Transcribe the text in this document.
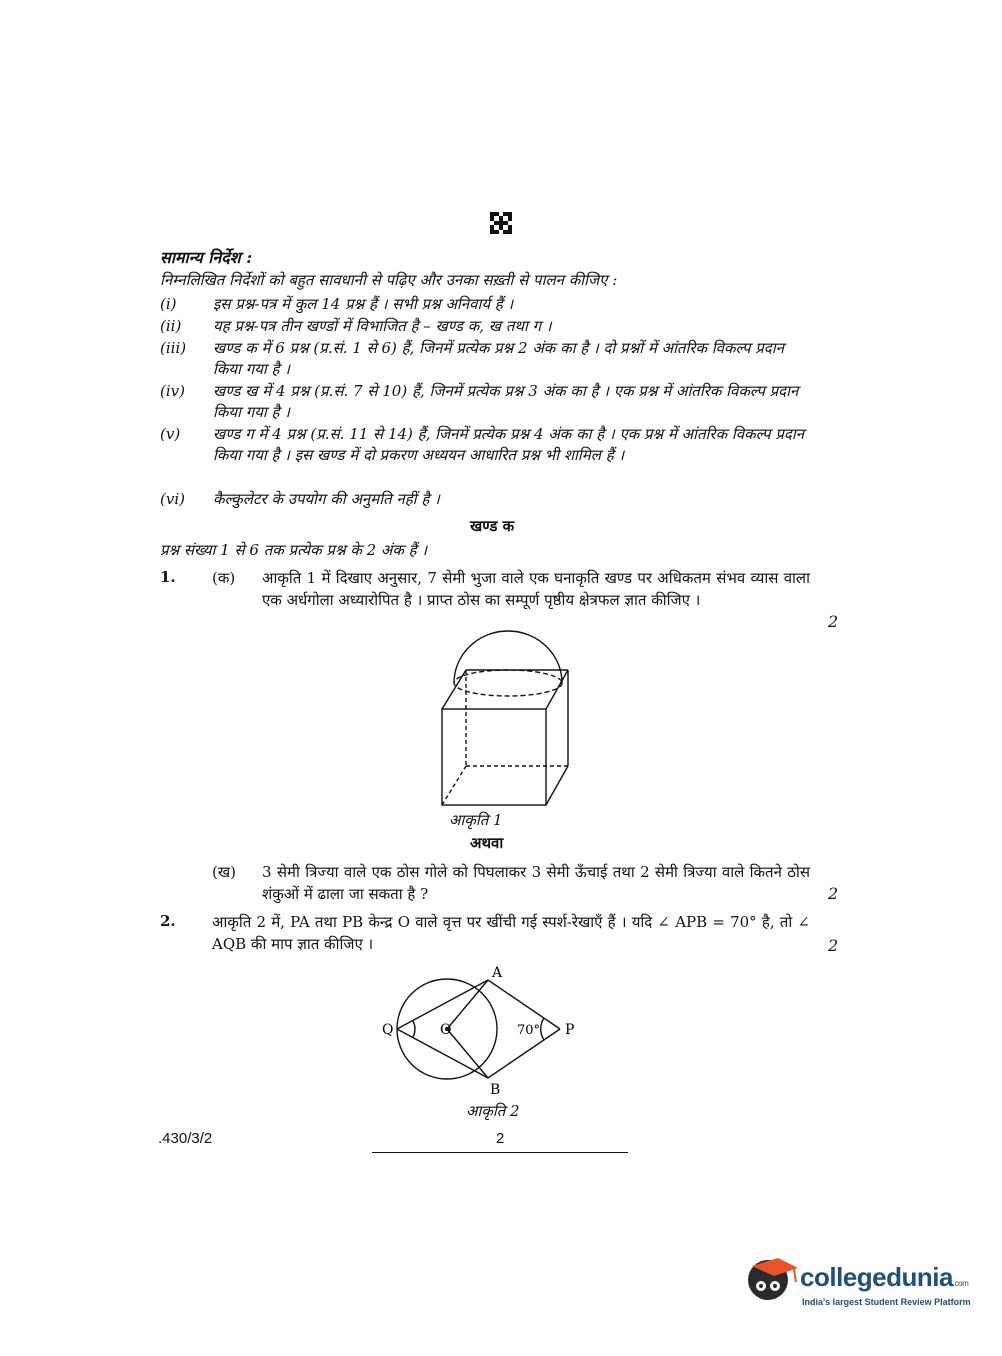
सामान्य निर्देश :
निम्नलिखित निर्देशों को बहुत सावधानी से पढ़िए और उनका सख़्ती से पालन कीजिए :
(i)	इस प्रश्न-पत्र में कुल 14 प्रश्न हैं । सभी प्रश्न अनिवार्य हैं ।
(ii)	यह प्रश्न-पत्र तीन खण्डों में विभाजित है – खण्ड क, ख तथा ग ।
(iii)	खण्ड क में 6 प्रश्न (प्र.सं. 1 से 6) हैं, जिनमें प्रत्येक प्रश्न 2 अंक का है । दो प्रश्नों में आंतरिक विकल्प प्रदान किया गया है ।
(iv)	खण्ड ख में 4 प्रश्न (प्र.सं. 7 से 10) हैं, जिनमें प्रत्येक प्रश्न 3 अंक का है । एक प्रश्न में आंतरिक विकल्प प्रदान किया गया है ।
(v)	खण्ड ग में 4 प्रश्न (प्र.सं. 11 से 14) हैं, जिनमें प्रत्येक प्रश्न 4 अंक का है । एक प्रश्न में आंतरिक विकल्प प्रदान किया गया है । इस खण्ड में दो प्रकरण अध्ययन आधारित प्रश्न भी शामिल हैं ।
(vi)	कैल्कुलेटर के उपयोग की अनुमति नहीं है ।
खण्ड क
प्रश्न संख्या 1 से 6 तक प्रत्येक प्रश्न के 2 अंक हैं ।
1. (क) आकृति 1 में दिखाए अनुसार, 7 सेमी भुजा वाले एक घनाकृति खण्ड पर अधिकतम संभव व्यास वाला एक अर्धगोला अध्यारोपित है । प्राप्त ठोस का सम्पूर्ण पृष्ठीय क्षेत्रफल ज्ञात कीजिए ।
2
आकृति 1
अथवा
(ख) 3 सेमी त्रिज्या वाले एक ठोस गोले को पिघलाकर 3 सेमी ऊँचाई तथा 2 सेमी त्रिज्या वाले कितने ठोस शंकुओं में ढाला जा सकता है ?	2
2. आकृति 2 में, PA तथा PB केन्द्र O वाले वृत्त पर खींची गई स्पर्श-रेखाएँ हैं । यदि ∠ APB = 70° है, तो ∠ AQB की माप ज्ञात कीजिए ।	2
A
B
O	P
Q	70°
आकृति 2
.430/3/2	2
collegedunia.com
India's largest Student Review Platform
